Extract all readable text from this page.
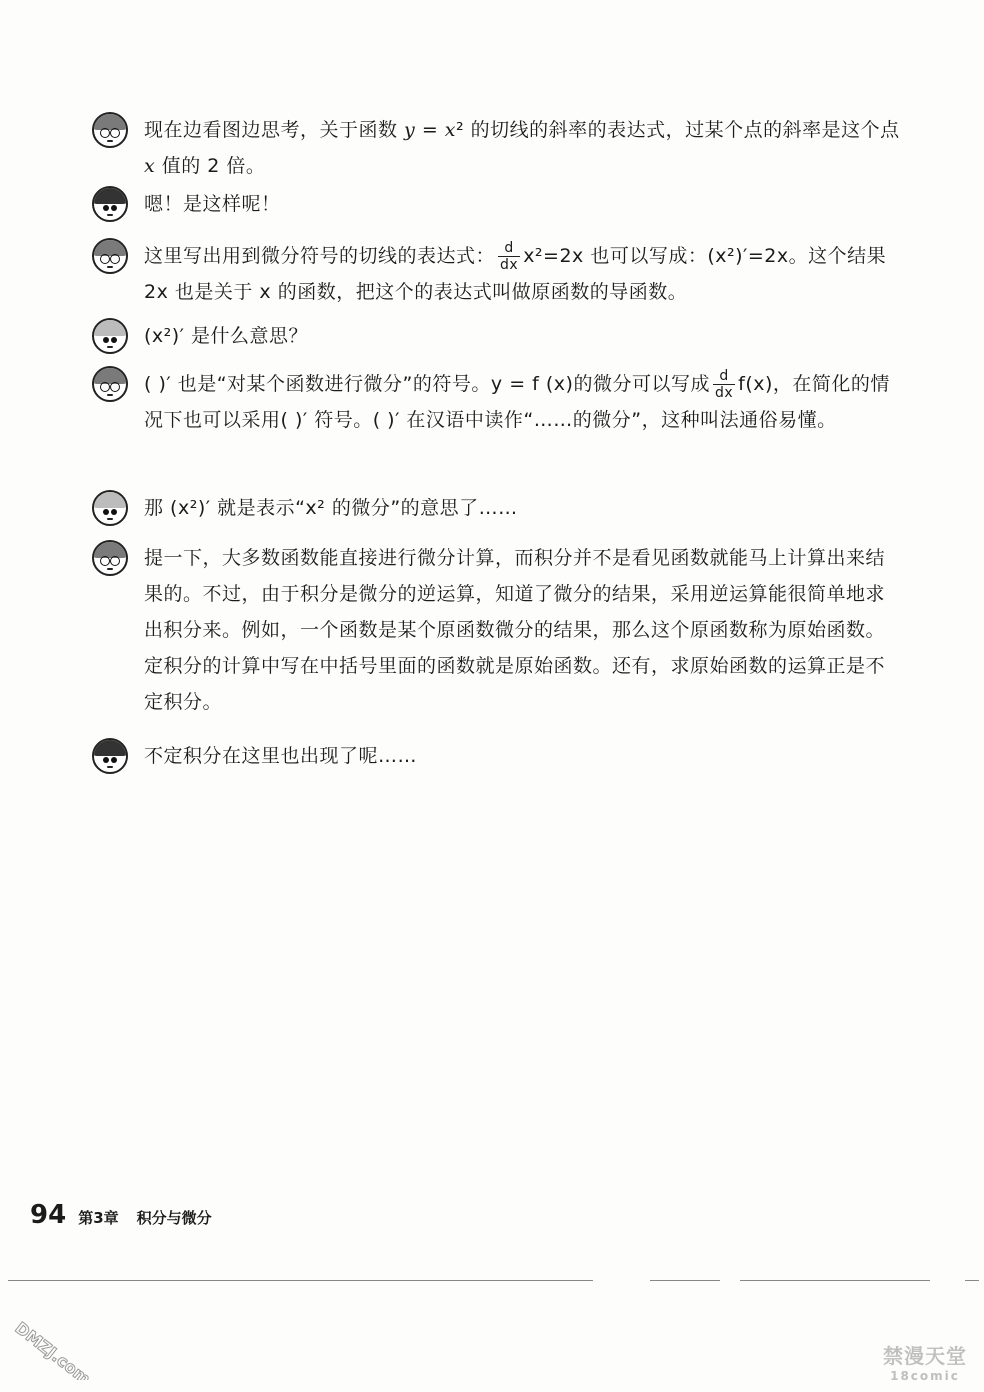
现在边看图边思考，关于函数 y = x² 的切线的斜率的表达式，过某个点的斜率是这个点 x 值的 2 倍。
嗯！是这样呢！
这里写出用到微分符号的切线的表达式： $\frac{d}{dx} x^2=2x$ 也可以写成：(x²)′=2x。这个结果 2x 也是关于 x 的函数，把这个的表达式叫做原函数的导函数。
(x²)′ 是什么意思？
( )′ 也是“对某个函数进行微分”的符号。y = f (x)的微分可以写成 $\frac{d}{dx} f(x)$，在简化的情况下也可以采用( )′ 符号。( )′ 在汉语中读作“……的微分”，这种叫法通俗易懂。
那 (x²)′ 就是表示“x² 的微分”的意思了……
提一下，大多数函数能直接进行微分计算，而积分并不是看见函数就能马上计算出来结果的。不过，由于积分是微分的逆运算，知道了微分的结果，采用逆运算能很简单地求出积分来。例如，一个函数是某个原函数微分的结果，那么这个原函数称为原始函数。定积分的计算中写在中括号里面的函数就是原始函数。还有，求原始函数的运算正是不定积分。
不定积分在这里也出现了呢……
94 第3章 积分与微分
DMZJ.com	禁漫天堂
18comic
